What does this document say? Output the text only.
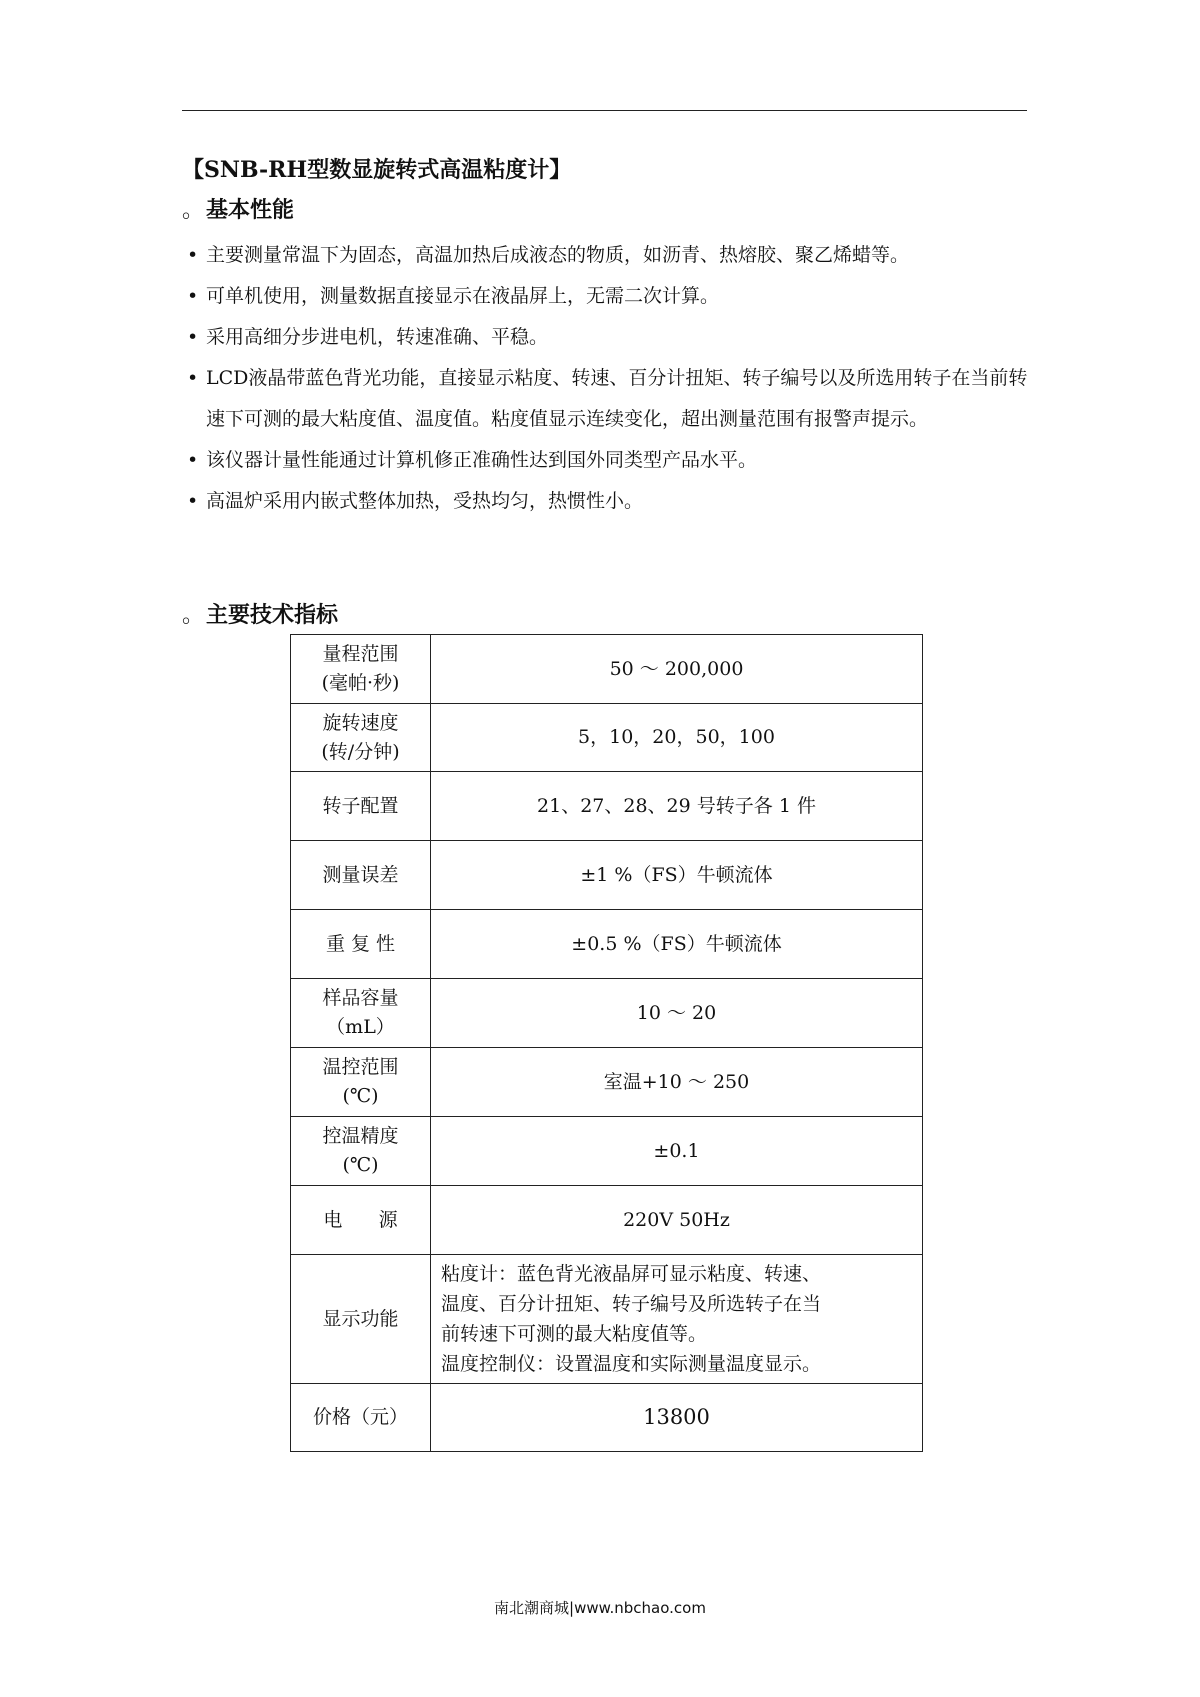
【SNB-RH型数显旋转式高温粘度计】
。基本性能
• 主要测量常温下为固态，高温加热后成液态的物质，如沥青、热熔胶、聚乙烯蜡等。
• 可单机使用，测量数据直接显示在液晶屏上，无需二次计算。
• 采用高细分步进电机，转速准确、平稳。
• LCD液晶带蓝色背光功能，直接显示粘度、转速、百分计扭矩、转子编号以及所选用转子在当前转速下可测的最大粘度值、温度值。粘度值显示连续变化，超出测量范围有报警声提示。
• 该仪器计量性能通过计算机修正准确性达到国外同类型产品水平。
• 高温炉采用内嵌式整体加热，受热均匀，热惯性小。
。主要技术指标
量程范围
(毫帕·秒)	50 ～ 200,000

旋转速度
(转/分钟)	5，10，20，50，100

转子配置	21、27、28、29 号转子各 1 件

测量误差	±1 %（FS）牛顿流体

重 复 性	±0.5 %（FS）牛顿流体

样品容量
（mL）	10 ～ 20

温控范围
(℃)	室温+10 ～ 250

控温精度
(℃)	±0.1

电      源	220V 50Hz

显示功能	粘度计：蓝色背光液晶屏可显示粘度、转速、
温度、百分计扭矩、转子编号及所选转子在当
前转速下可测的最大粘度值等。
温度控制仪：设置温度和实际测量温度显示。

价格（元）	13800
南北潮商城|www.nbchao.com
